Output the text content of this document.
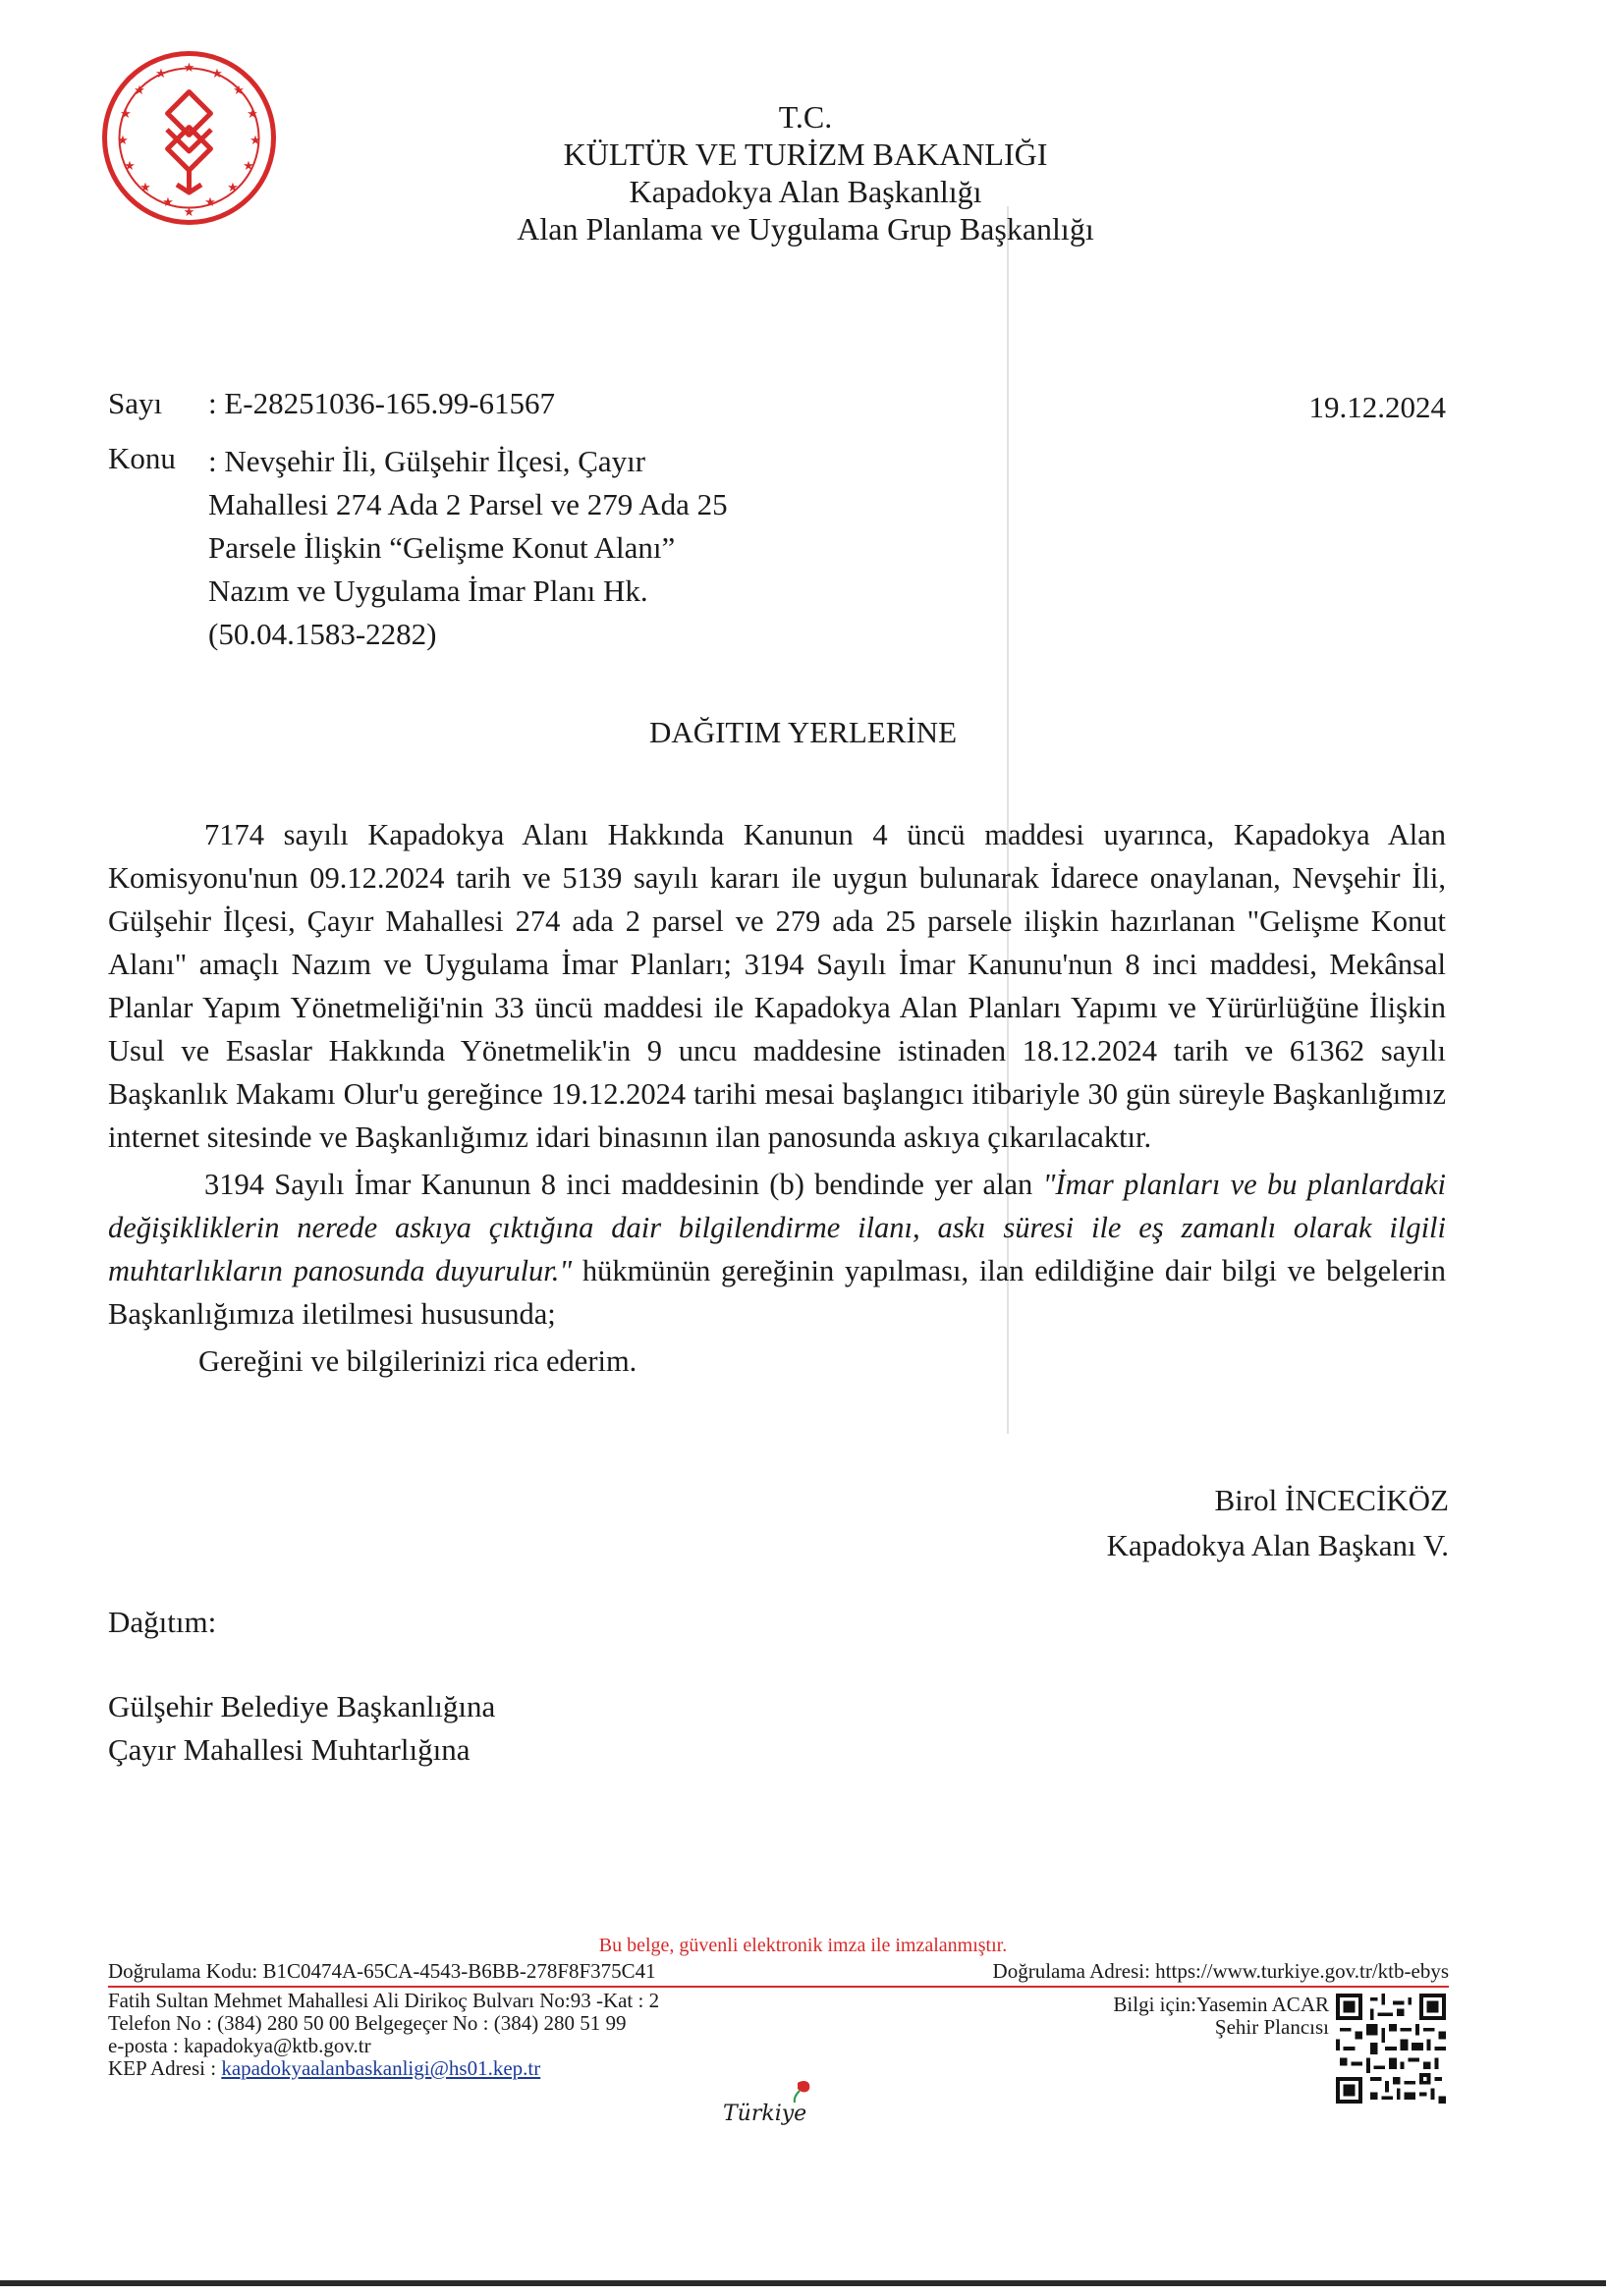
★ ★
★
★
★
★
★
★
★
★
★
★
★
★
★
★
T.C.
KÜLTÜR VE TURİZM BAKANLIĞI
Kapadokya Alan Başkanlığı
Alan Planlama ve Uygulama Grup Başkanlığı
Sayı : E-28251036-165.99-61567	19.12.2024
Konu : Nevşehir İli, Gülşehir İlçesi, Çayır
Mahallesi 274 Ada 2 Parsel ve 279 Ada 25
Parsele İlişkin “Gelişme Konut Alanı”
Nazım ve Uygulama İmar Planı Hk.
(50.04.1583-2282)
DAĞITIM YERLERİNE

7174 sayılı Kapadokya Alanı Hakkında Kanunun 4 üncü maddesi uyarınca, Kapadokya Alan Komisyonu'nun 09.12.2024 tarih ve 5139 sayılı kararı ile uygun bulunarak İdarece onaylanan, Nevşehir İli, Gülşehir İlçesi, Çayır Mahallesi 274 ada 2 parsel ve 279 ada 25 parsele ilişkin hazırlanan "Gelişme Konut Alanı" amaçlı Nazım ve Uygulama İmar Planları; 3194 Sayılı İmar Kanunu'nun 8 inci maddesi, Mekânsal Planlar Yapım Yönetmeliği'nin 33 üncü maddesi ile Kapadokya Alan Planları Yapımı ve Yürürlüğüne İlişkin Usul ve Esaslar Hakkında Yönetmelik'in 9 uncu maddesine istinaden 18.12.2024 tarih ve 61362 sayılı Başkanlık Makamı Olur'u gereğince 19.12.2024 tarihi mesai başlangıcı itibariyle 30 gün süreyle Başkanlığımız internet sitesinde ve Başkanlığımız idari binasının ilan panosunda askıya çıkarılacaktır.

3194 Sayılı İmar Kanunun 8 inci maddesinin (b) bendinde yer alan "İmar planları ve bu planlardaki değişikliklerin nerede askıya çıktığına dair bilgilendirme ilanı, askı süresi ile eş zamanlı olarak ilgili muhtarlıkların panosunda duyurulur." hükmünün gereğinin yapılması, ilan edildiğine dair bilgi ve belgelerin Başkanlığımıza iletilmesi hususunda;

Gereğini ve bilgilerinizi rica ederim.

Birol İNCECİKÖZ
Kapadokya Alan Başkanı V.
Dağıtım:
Gülşehir Belediye Başkanlığına
Çayır Mahallesi Muhtarlığına
Bu belge, güvenli elektronik imza ile imzalanmıştır.
Doğrulama Kodu: B1C0474A-65CA-4543-B6BB-278F8F375C41	Doğrulama Adresi: https://www.turkiye.gov.tr/ktb-ebys
Fatih Sultan Mehmet Mahallesi Ali Dirikoç Bulvarı No:93 -Kat : 2
Telefon No : (384) 280 50 00 Belgegeçer No : (384) 280 51 99
e-posta : kapadokya@ktb.gov.tr
KEP Adresi : kapadokyaalanbaskanligi@hs01.kep.tr
Bilgi için:Yasemin ACAR
Şehir Plancısı
Türkiye
